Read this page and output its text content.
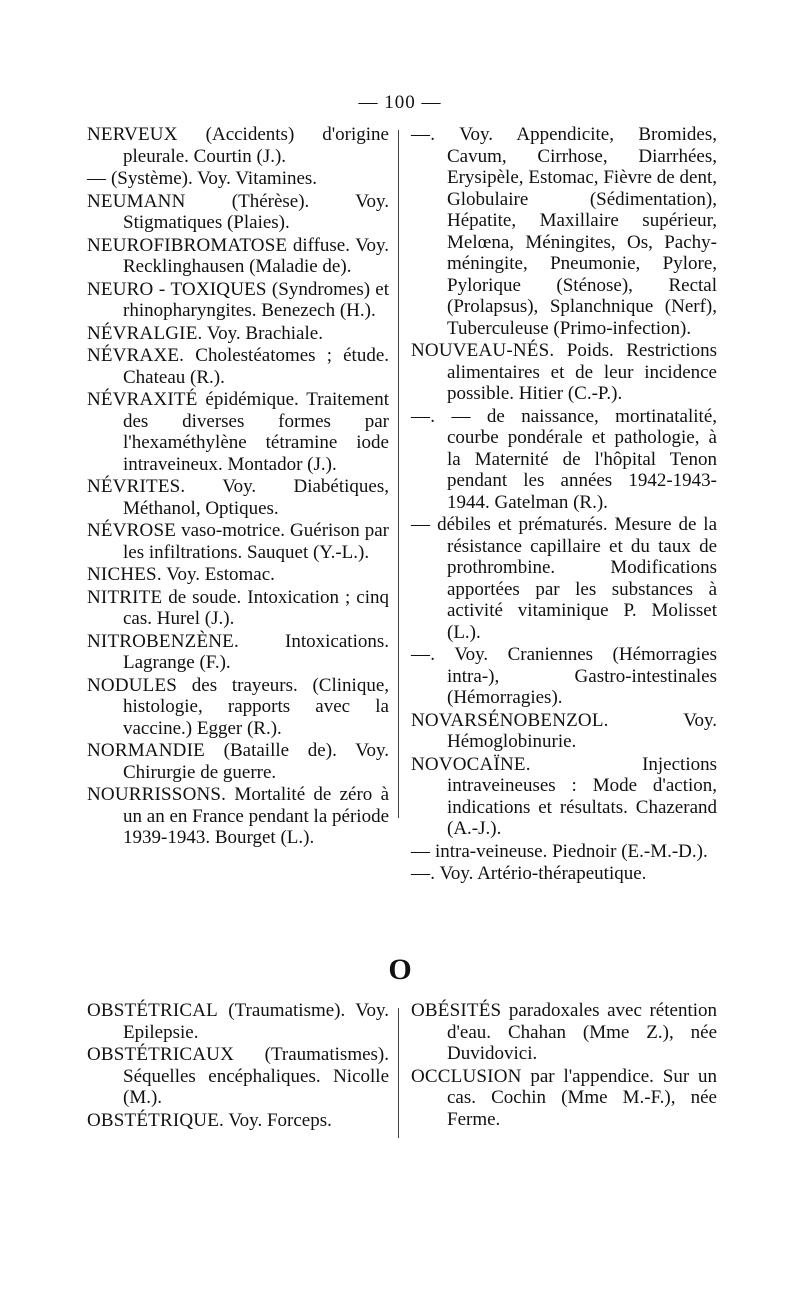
— 100 —

NERVEUX (Accidents) d'origine pleurale. Courtin (J.).

— (Système). Voy. Vitamines.

NEUMANN (Thérèse). Voy. Stigmatiques (Plaies).

NEUROFIBROMATOSE diffuse. Voy. Recklinghausen (Maladie de).

NEURO - TOXIQUES (Syndromes) et rhinopharyngites. Benezech (H.).

NÉVRALGIE. Voy. Brachiale.

NÉVRAXE. Cholestéatomes ; étude. Chateau (R.).

NÉVRAXITÉ épidémique. Traitement des diverses formes par l'hexaméthylène tétramine iode intraveineux. Montador (J.).

NÉVRITES. Voy. Diabétiques, Méthanol, Optiques.

NÉVROSE vaso-motrice. Guérison par les infiltrations. Sauquet (Y.-L.).

NICHES. Voy. Estomac.

NITRITE de soude. Intoxication ; cinq cas. Hurel (J.).

NITROBENZÈNE. Intoxications. Lagrange (F.).

NODULES des trayeurs. (Clinique, histologie, rapports avec la vaccine.) Egger (R.).

NORMANDIE (Bataille de). Voy. Chirurgie de guerre.

NOURRISSONS. Mortalité de zéro à un an en France pendant la période 1939-1943. Bourget (L.).

—. Voy. Appendicite, Bromides, Cavum, Cirrhose, Diarrhées, Erysipèle, Estomac, Fièvre de dent, Globulaire (Sédimentation), Hépatite, Maxillaire supérieur, Melœna, Méningites, Os, Pachy-méningite, Pneumonie, Pylore, Pylorique (Sténose), Rectal (Prolapsus), Splanchnique (Nerf), Tuberculeuse (Primo-infection).

NOUVEAU-NÉS. Poids. Restrictions alimentaires et de leur incidence possible. Hitier (C.-P.).

—. — de naissance, mortinatalité, courbe pondérale et pathologie, à la Maternité de l'hôpital Tenon pendant les années 1942-1943-1944. Gatelman (R.).

— débiles et prématurés. Mesure de la résistance capillaire et du taux de prothrombine. Modifications apportées par les substances à activité vitaminique P. Molisset (L.).

—. Voy. Craniennes (Hémorragies intra-), Gastro-intestinales (Hémorragies).

NOVARSÉNOBENZOL.	Voy. Hémoglobinurie.

NOVOCAÏNE.	Injections intraveineuses : Mode d'action, indications et résultats. Chazerand (A.-J.).

— intra-veineuse. Piednoir (E.-M.-D.).

—. Voy. Artério-thérapeutique.

O

OBSTÉTRICAL (Traumatisme). Voy. Epilepsie.

OBSTÉTRICAUX (Traumatismes). Séquelles encéphaliques. Nicolle (M.).

OBSTÉTRIQUE. Voy. Forceps.

OBÉSITÉS paradoxales avec rétention d'eau. Chahan (Mme Z.), née Duvidovici.

OCCLUSION par l'appendice. Sur un cas. Cochin (Mme M.-F.), née Ferme.
